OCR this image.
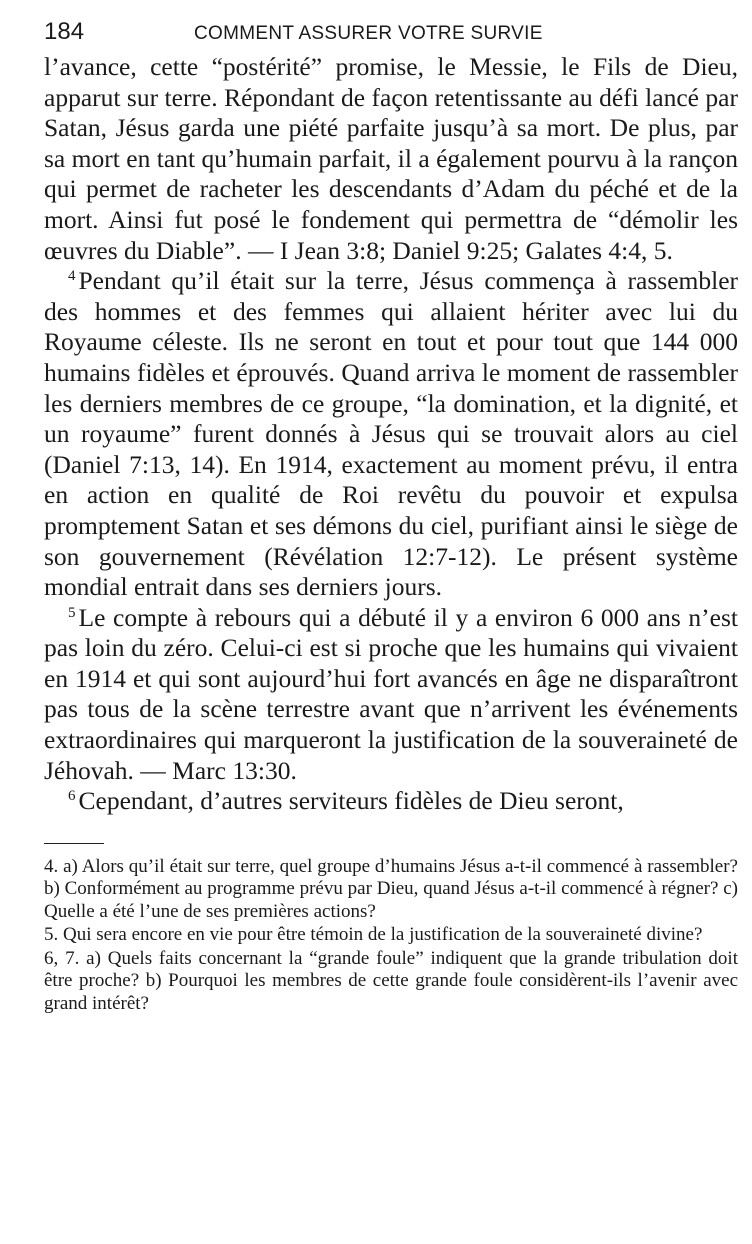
184	COMMENT ASSURER VOTRE SURVIE

l’avance, cette “postérité” promise, le Messie, le Fils de Dieu, apparut sur terre. Répondant de façon retentissante au défi lancé par Satan, Jésus garda une piété parfaite jusqu’à sa mort. De plus, par sa mort en tant qu’humain parfait, il a également pourvu à la rançon qui permet de racheter les descendants d’Adam du péché et de la mort. Ainsi fut posé le fondement qui permettra de “démolir les œuvres du Diable”. — I Jean 3:8; Daniel 9:25; Galates 4:4, 5.

$^4$ Pendant qu’il était sur la terre, Jésus commença à rassembler des hommes et des femmes qui allaient hériter avec lui du Royaume céleste. Ils ne seront en tout et pour tout que 144 000 humains fidèles et éprouvés. Quand arriva le moment de rassembler les derniers membres de ce groupe, “la domination, et la dignité, et un royaume” furent donnés à Jésus qui se trouvait alors au ciel (Daniel 7:13, 14). En 1914, exactement au moment prévu, il entra en action en qualité de Roi revêtu du pouvoir et expulsa promptement Satan et ses démons du ciel, purifiant ainsi le siège de son gouvernement (Révélation 12:7-12). Le présent système mondial entrait dans ses derniers jours.

$^5$ Le compte à rebours qui a débuté il y a environ 6 000 ans n’est pas loin du zéro. Celui-ci est si proche que les humains qui vivaient en 1914 et qui sont aujourd’hui fort avancés en âge ne disparaîtront pas tous de la scène terrestre avant que n’arrivent les événements extraordinaires qui marqueront la justification de la souveraineté de Jéhovah. — Marc 13:30.

$^6$ Cependant, d’autres serviteurs fidèles de Dieu seront,

4. a) Alors qu’il était sur terre, quel groupe d’humains Jésus a-t-il commencé à rassembler? b) Conformément au programme prévu par Dieu, quand Jésus a-t-il commencé à régner? c) Quelle a été l’une de ses premières actions?

5. Qui sera encore en vie pour être témoin de la justification de la souveraineté divine?

6, 7. a) Quels faits concernant la “grande foule” indiquent que la grande tribulation doit être proche? b) Pourquoi les membres de cette grande foule considèrent-ils l’avenir avec grand intérêt?
